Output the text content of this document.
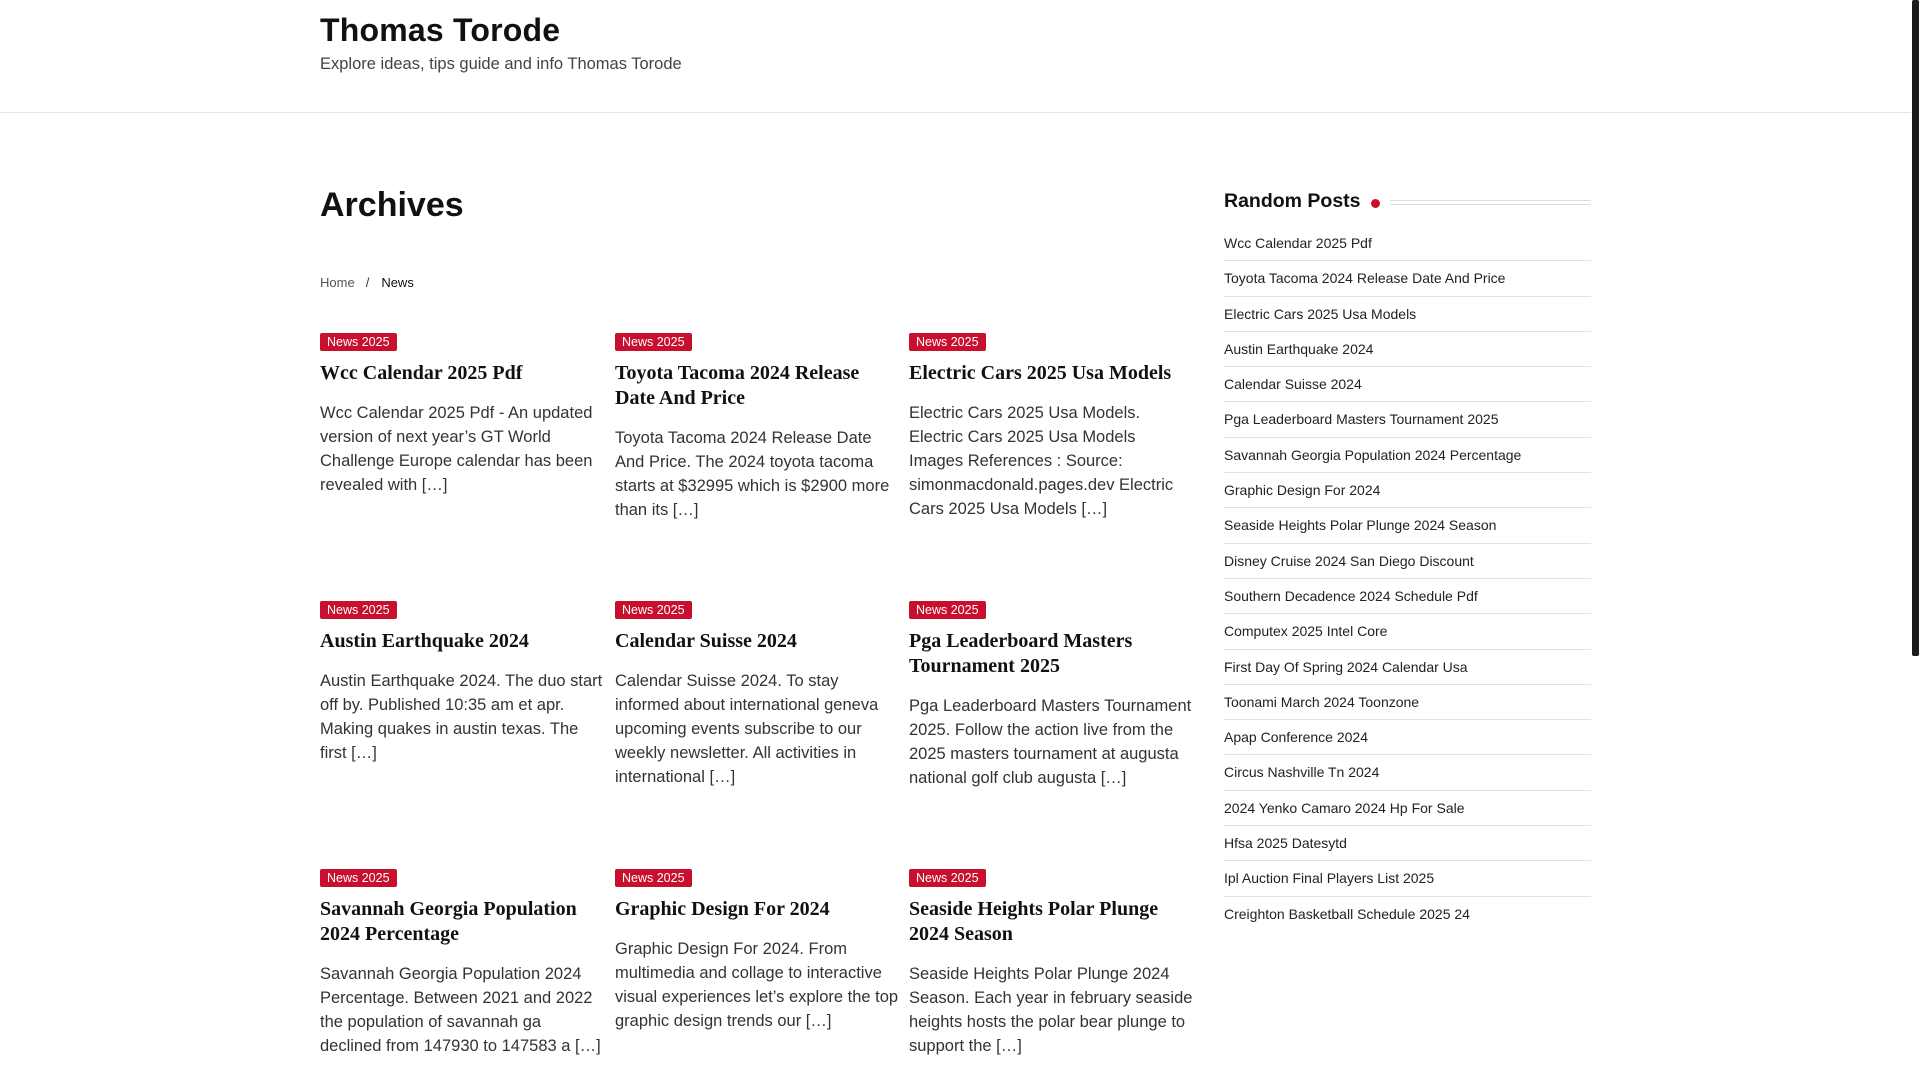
Thomas Torode

Explore ideas, tips guide and info Thomas Torode

Archives
Home / News
News 2025
Wcc Calendar 2025 Pdf

Wcc Calendar 2025 Pdf - An updated version of next year’s GT World Challenge Europe calendar has been revealed with […]

News 2025
Toyota Tacoma 2024 Release Date And Price

Toyota Tacoma 2024 Release Date And Price. The 2024 toyota tacoma starts at $32995 which is $2900 more than its […]

News 2025
Electric Cars 2025 Usa Models

Electric Cars 2025 Usa Models. Electric Cars 2025 Usa Models Images References : Source: simonmacdonald.pages.dev Electric Cars 2025 Usa Models […]

News 2025
Austin Earthquake 2024

Austin Earthquake 2024. The duo start off by. Published 10:35 am et apr. Making quakes in austin texas. The first […]

News 2025
Calendar Suisse 2024

Calendar Suisse 2024. To stay informed about international geneva upcoming events subscribe to our weekly newsletter. All activities in international […]

News 2025
Pga Leaderboard Masters Tournament 2025

Pga Leaderboard Masters Tournament 2025. Follow the action live from the 2025 masters tournament at augusta national golf club augusta […]

News 2025
Savannah Georgia Population 2024 Percentage

Savannah Georgia Population 2024 Percentage. Between 2021 and 2022 the population of savannah ga declined from 147930 to 147583 a […]

News 2025
Graphic Design For 2024

Graphic Design For 2024. From multimedia and collage to interactive visual experiences let’s explore the top graphic design trends our […]

News 2025
Seaside Heights Polar Plunge 2024 Season

Seaside Heights Polar Plunge 2024 Season. Each year in february seaside heights hosts the polar bear plunge to support the […]

Random Posts
Wcc Calendar 2025 Pdf
Toyota Tacoma 2024 Release Date And Price
Electric Cars 2025 Usa Models
Austin Earthquake 2024
Calendar Suisse 2024
Pga Leaderboard Masters Tournament 2025
Savannah Georgia Population 2024 Percentage
Graphic Design For 2024
Seaside Heights Polar Plunge 2024 Season
Disney Cruise 2024 San Diego Discount
Southern Decadence 2024 Schedule Pdf
Computex 2025 Intel Core
First Day Of Spring 2024 Calendar Usa
Toonami March 2024 Toonzone
Apap Conference 2024
Circus Nashville Tn 2024
2024 Yenko Camaro 2024 Hp For Sale
Hfsa 2025 Datesytd
Ipl Auction Final Players List 2025
Creighton Basketball Schedule 2025 24
